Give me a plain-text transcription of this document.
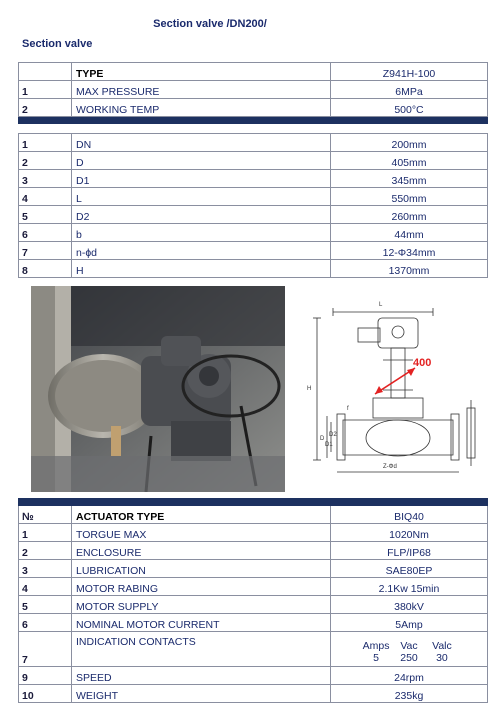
Section valve /DN200/
Section valve
	TYPE	Z941H-100
1	MAX PRESSURE	6MPa
2	WORKING TEMP	500°C

1	DN	200mm
2	D	405mm
3	D1	345mm
4	L	550mm
5	D2	260mm
6	b	44mm
7	n-ɸd	12-Φ34mm
8	H	1370mm
400
L
H
D
D1
D2
f
Z-Φd

№	ACTUATOR TYPE	BIQ40
1	TORGUE MAX	1020Nm
2	ENCLOSURE	FLP/IP68
3	LUBRICATION	SAE80EP
4	MOTOR RABING	2.1Kw 15min
5	MOTOR SUPPLY	380kV
6	NOMINAL MOTOR CURRENT	5Amp
7	INDICATION CONTACTS	Amps Vac Valc
5 250 30

9	SPEED	24rpm
10	WEIGHT	235kg
